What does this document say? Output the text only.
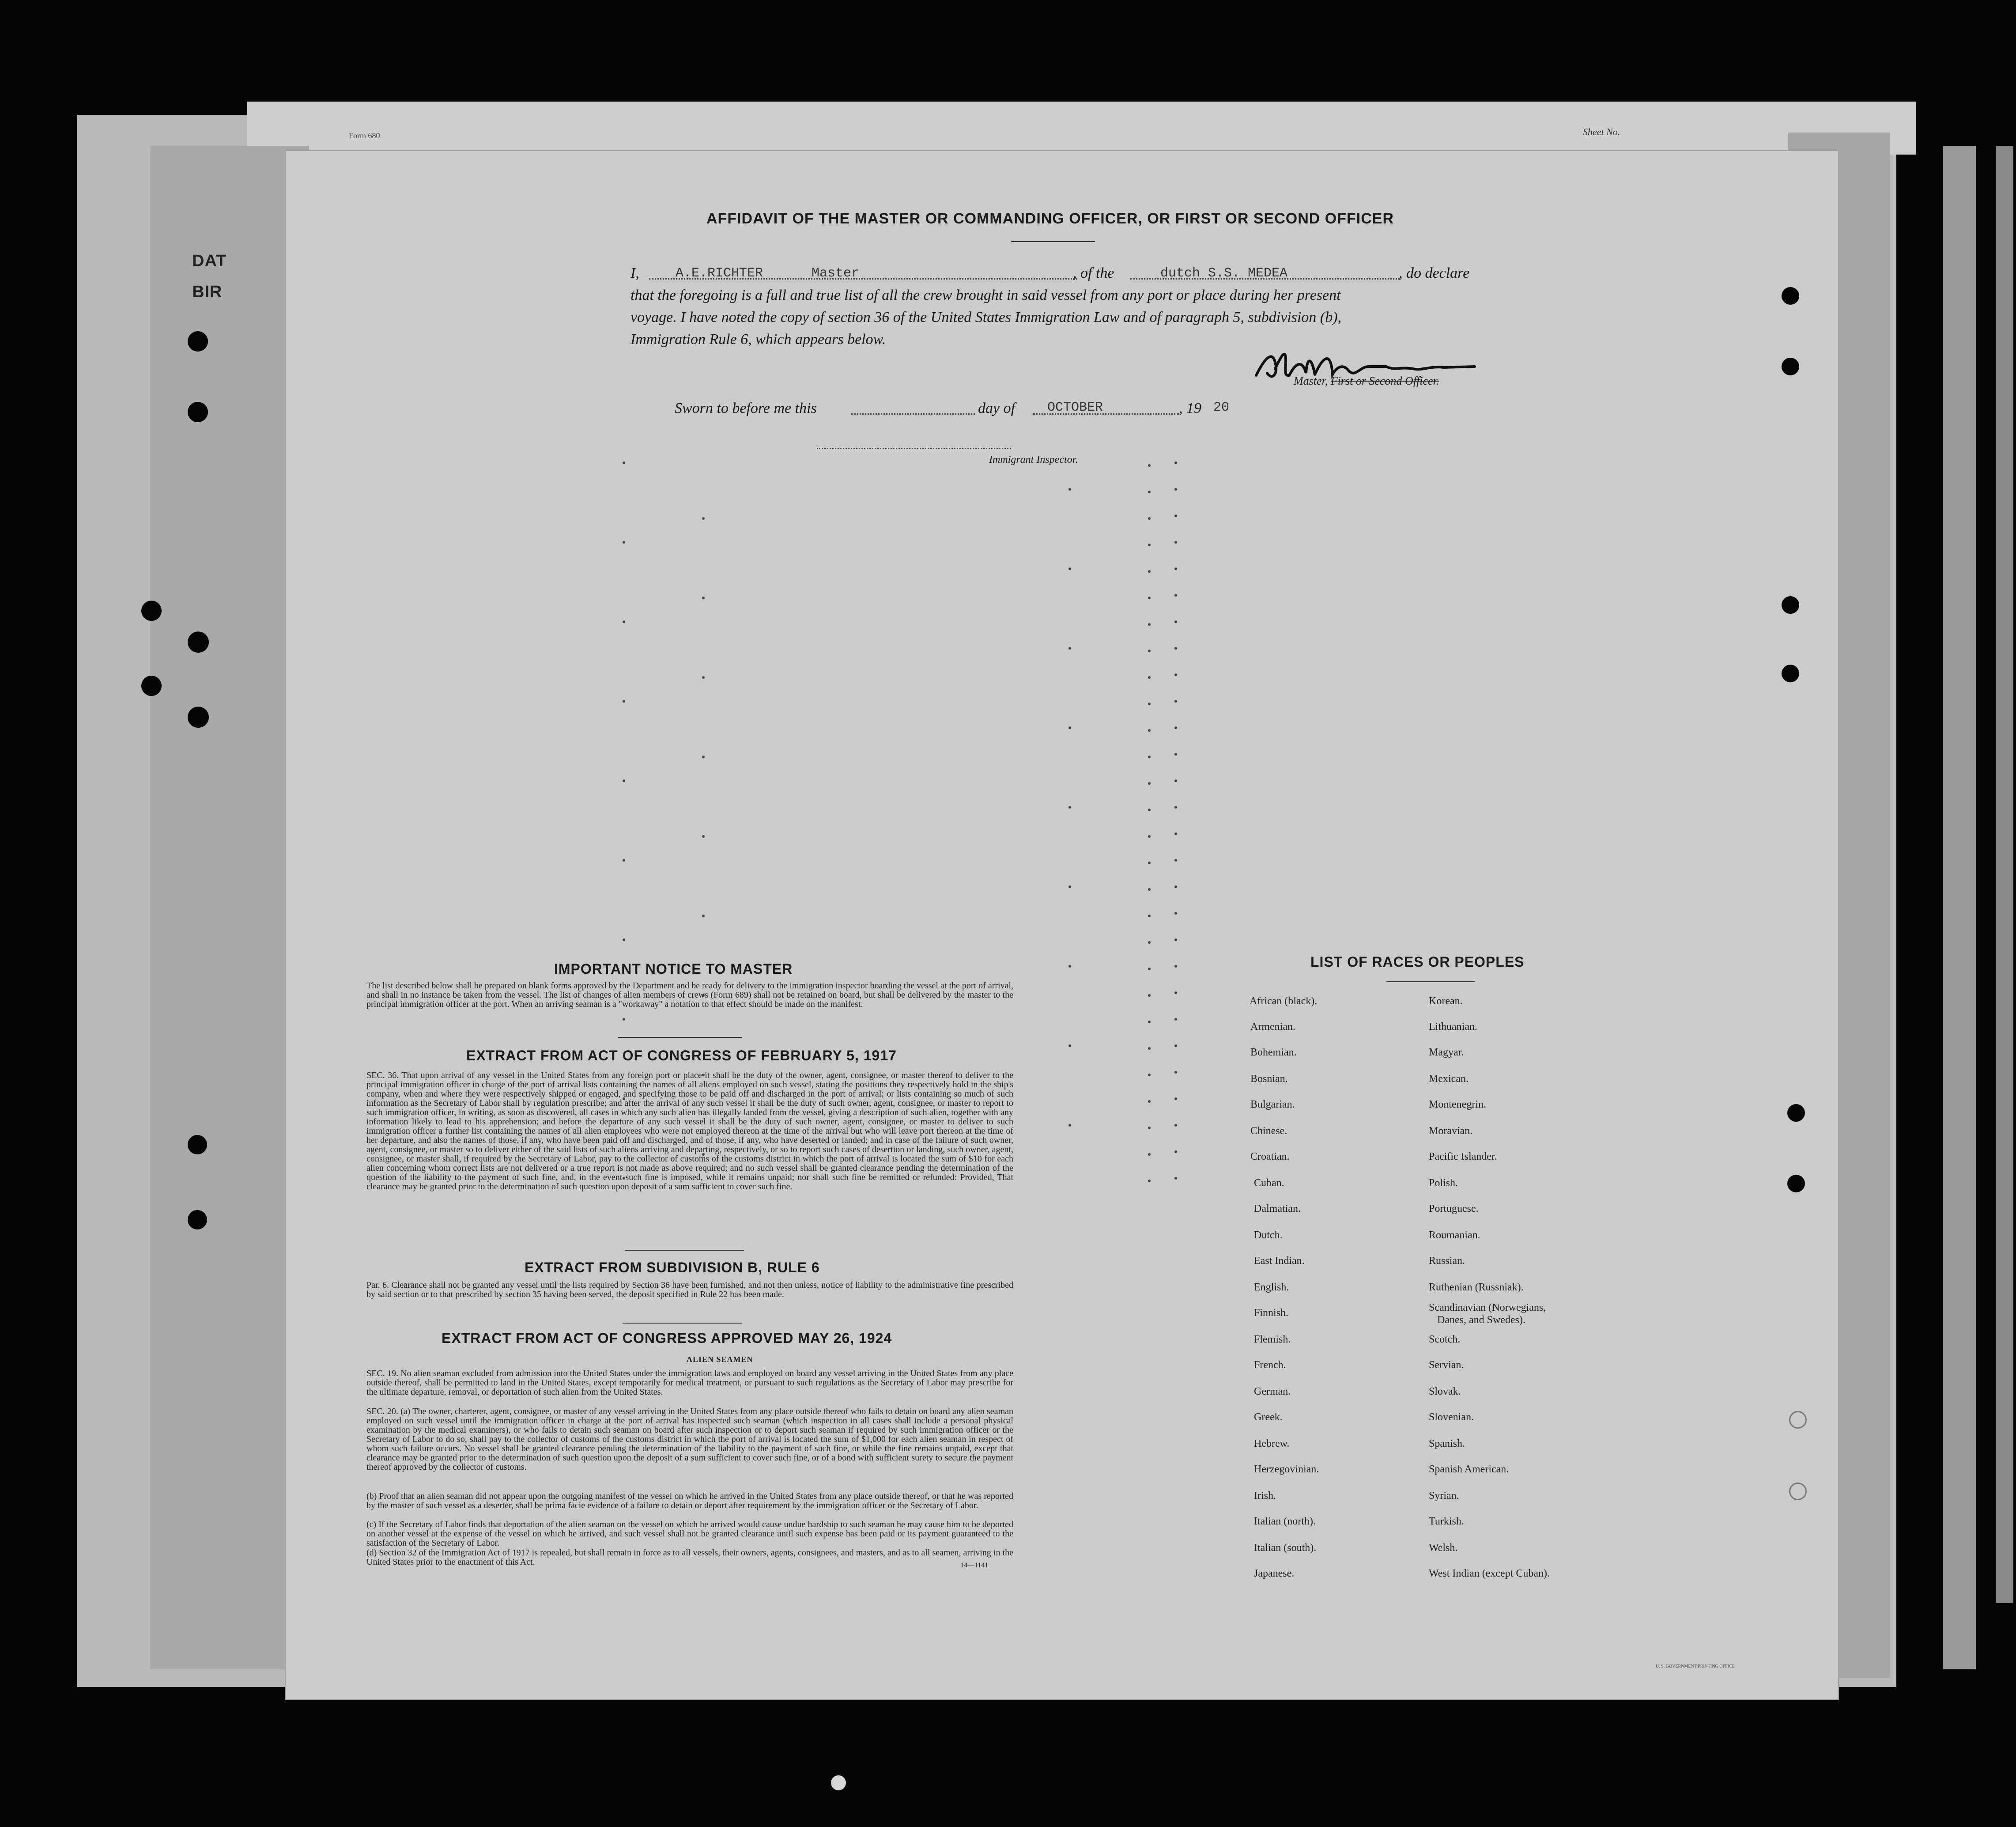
Form 680	Sheet No.
DAT
BIR
AFFIDAVIT OF THE MASTER OR COMMANDING OFFICER, OR FIRST OR SECOND OFFICER
I,	A.E.RICHTER	Master	, of the	dutch S.S. MEDEA	, do declare
that the foregoing is a full and true list of all the crew brought in said vessel from any port or place during her present
voyage. I have noted the copy of section 36 of the United States Immigration Law and of paragraph 5, subdivision (b),
Immigration Rule 6, which appears below.
Master, First or Second Officer.
Sworn to before me this	day of OCTOBER	, 19 20
Immigrant Inspector.
IMPORTANT NOTICE TO MASTER
The list described below shall be prepared on blank forms approved by the Department and be ready for delivery to the immigration inspector boarding the vessel at the port of arrival, and shall in no instance be taken from the vessel. The list of changes of alien members of crews (Form 689) shall not be retained on board, but shall be delivered by the master to the principal immigration officer at the port. When an arriving seaman is a "workaway" a notation to that effect should be made on the manifest.
EXTRACT FROM ACT OF CONGRESS OF FEBRUARY 5, 1917
SEC. 36. That upon arrival of any vessel in the United States from any foreign port or place it shall be the duty of the owner, agent, consignee, or master thereof to deliver to the principal immigration officer in charge of the port of arrival lists containing the names of all aliens employed on such vessel, stating the positions they respectively hold in the ship's company, when and where they were respectively shipped or engaged, and specifying those to be paid off and discharged in the port of arrival; or lists containing so much of such information as the Secretary of Labor shall by regulation prescribe; and after the arrival of any such vessel it shall be the duty of such owner, agent, consignee, or master to report to such immigration officer, in writing, as soon as discovered, all cases in which any such alien has illegally landed from the vessel, giving a description of such alien, together with any information likely to lead to his apprehension; and before the departure of any such vessel it shall be the duty of such owner, agent, consignee, or master to deliver to such immigration officer a further list containing the names of all alien employees who were not employed thereon at the time of the arrival but who will leave port thereon at the time of her departure, and also the names of those, if any, who have been paid off and discharged, and of those, if any, who have deserted or landed; and in case of the failure of such owner, agent, consignee, or master so to deliver either of the said lists of such aliens arriving and departing, respectively, or so to report such cases of desertion or landing, such owner, agent, consignee, or master shall, if required by the Secretary of Labor, pay to the collector of customs of the customs district in which the port of arrival is located the sum of $10 for each alien concerning whom correct lists are not delivered or a true report is not made as above required; and no such vessel shall be granted clearance pending the determination of the question of the liability to the payment of such fine, and, in the event such fine is imposed, while it remains unpaid; nor shall such fine be remitted or refunded: Provided, That clearance may be granted prior to the determination of such question upon deposit of a sum sufficient to cover such fine.
EXTRACT FROM SUBDIVISION B, RULE 6
Par. 6. Clearance shall not be granted any vessel until the lists required by Section 36 have been furnished, and not then unless, notice of liability to the administrative fine prescribed by said section or to that prescribed by section 35 having been served, the deposit specified in Rule 22 has been made.
EXTRACT FROM ACT OF CONGRESS APPROVED MAY 26, 1924
ALIEN SEAMEN
SEC. 19. No alien seaman excluded from admission into the United States under the immigration laws and employed on board any vessel arriving in the United States from any place outside thereof, shall be permitted to land in the United States, except temporarily for medical treatment, or pursuant to such regulations as the Secretary of Labor may prescribe for the ultimate departure, removal, or deportation of such alien from the United States.
SEC. 20. (a) The owner, charterer, agent, consignee, or master of any vessel arriving in the United States from any place outside thereof who fails to detain on board any alien seaman employed on such vessel until the immigration officer in charge at the port of arrival has inspected such seaman (which inspection in all cases shall include a personal physical examination by the medical examiners), or who fails to detain such seaman on board after such inspection or to deport such seaman if required by such immigration officer or the Secretary of Labor to do so, shall pay to the collector of customs of the customs district in which the port of arrival is located the sum of $1,000 for each alien seaman in respect of whom such failure occurs. No vessel shall be granted clearance pending the determination of the liability to the payment of such fine, or while the fine remains unpaid, except that clearance may be granted prior to the determination of such question upon the deposit of a sum sufficient to cover such fine, or of a bond with sufficient surety to secure the payment thereof approved by the collector of customs.
(b) Proof that an alien seaman did not appear upon the outgoing manifest of the vessel on which he arrived in the United States from any place outside thereof, or that he was reported by the master of such vessel as a deserter, shall be prima facie evidence of a failure to detain or deport after requirement by the immigration officer or the Secretary of Labor.
(c) If the Secretary of Labor finds that deportation of the alien seaman on the vessel on which he arrived would cause undue hardship to such seaman he may cause him to be deported on another vessel at the expense of the vessel on which he arrived, and such vessel shall not be granted clearance until such expense has been paid or its payment guaranteed to the satisfaction of the Secretary of Labor.
(d) Section 32 of the Immigration Act of 1917 is repealed, but shall remain in force as to all vessels, their owners, agents, consignees, and masters, and as to all seamen, arriving in the United States prior to the enactment of this Act.	14—1141
LIST OF RACES OR PEOPLES
African (black).
Armenian.
Bohemian.
Bosnian.
Bulgarian.
Chinese.
Croatian.
Cuban.
Dalmatian.
Dutch.
East Indian.
English.
Finnish.
Flemish.
French.
German.
Greek.
Hebrew.
Herzegovinian.
Irish.
Italian (north).
Italian (south).
Japanese.
Korean.
Lithuanian.
Magyar.
Mexican.
Montenegrin.
Moravian.
Pacific Islander.
Polish.
Portuguese.
Roumanian.
Russian.
Ruthenian (Russniak).
Scandinavian (Norwegians,
Danes, and Swedes).
Scotch.
Servian.
Slovak.
Slovenian.
Spanish.
Spanish American.
Syrian.
Turkish.
Welsh.
West Indian (except Cuban).
U. S. GOVERNMENT PRINTING OFFICE
